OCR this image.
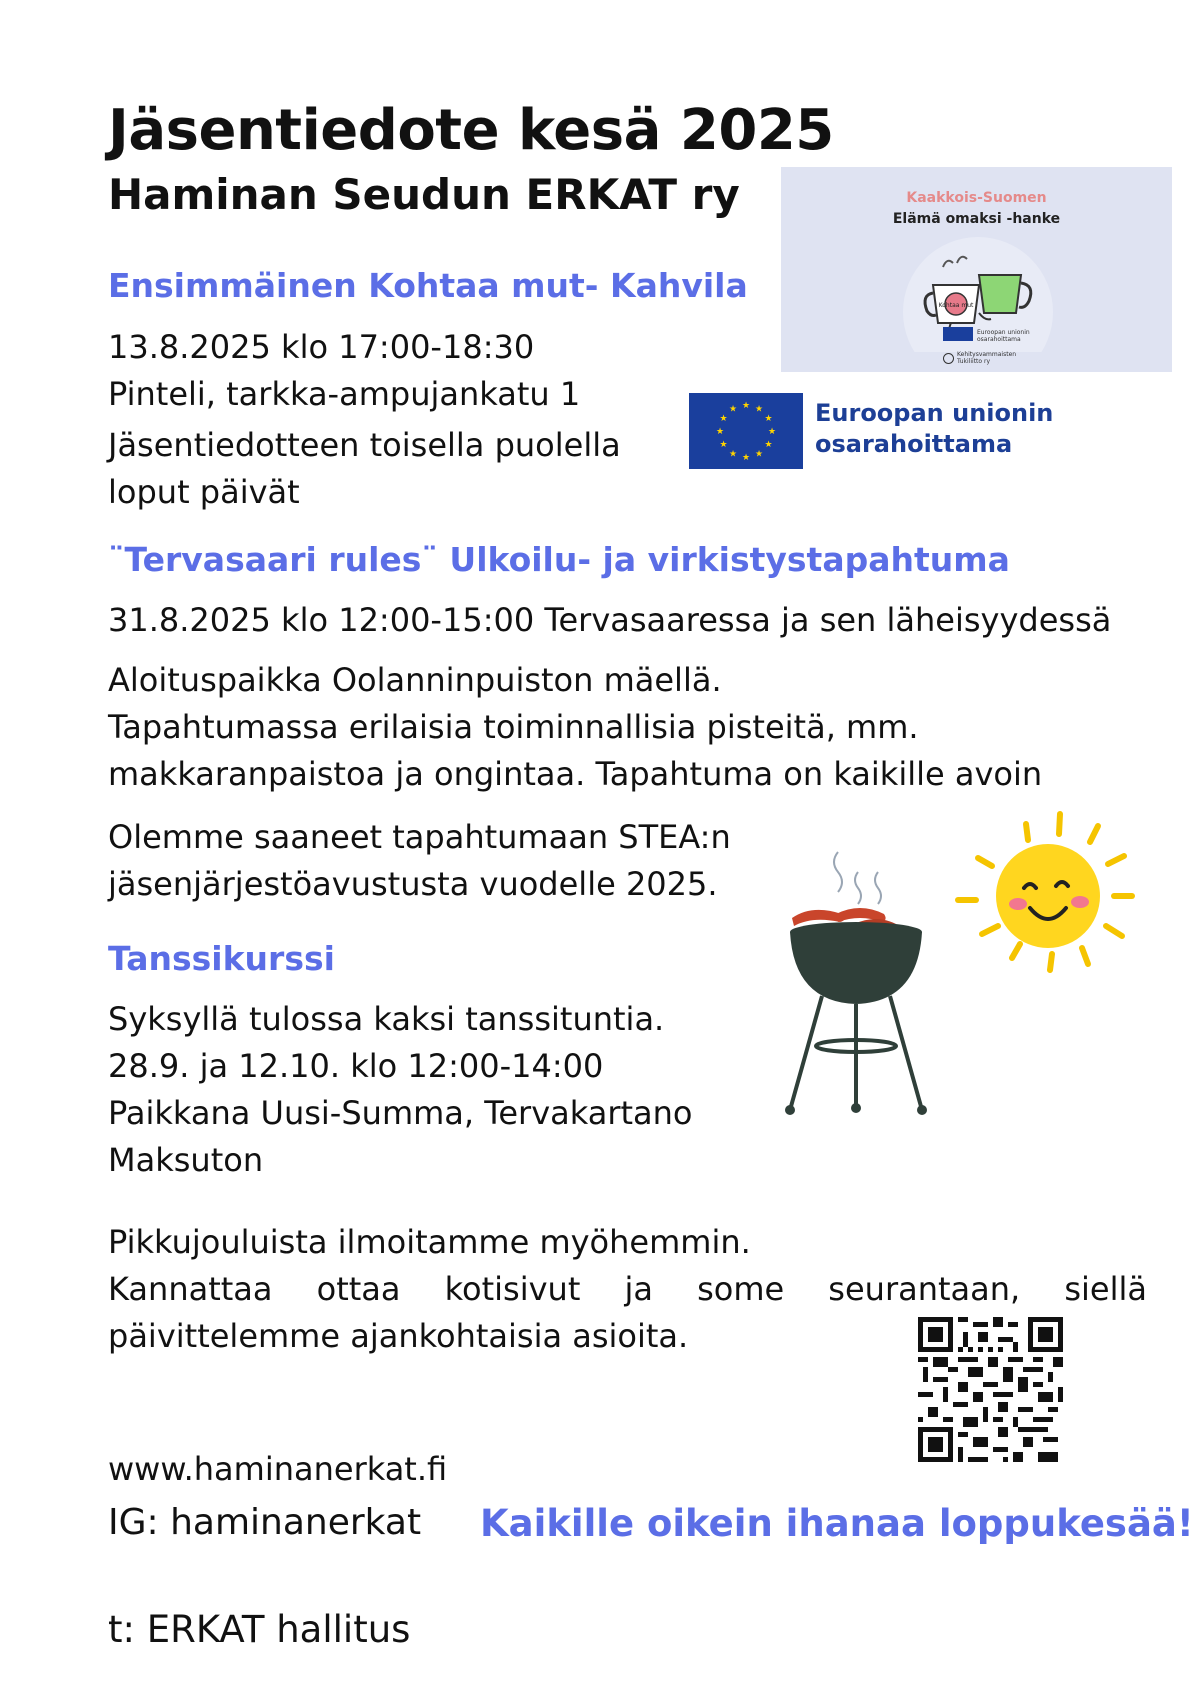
Jäsentiedote kesä 2025
Haminan Seudun ERKAT ry	Kaakkois-Suomen
Elämä omaksi -hanke
Kohtaa mut
Euroopan unionin osarahoittama
Kehitysvammaisten Tukiliitto ry
★ ★
★
★
★
★
★
★
★
★
★
★	Euroopan unionin
osarahoittama
Ensimmäinen Kohtaa mut- Kahvila
13.8.2025 klo 17:00-18:30
Pinteli, tarkka-ampujankatu 1
Jäsentiedotteen toisella puolella
loput päivät
¨Tervasaari rules¨ Ulkoilu- ja virkistystapahtuma
31.8.2025 klo 12:00-15:00 Tervasaaressa ja sen läheisyydessä
Aloituspaikka Oolanninpuiston mäellä.
Tapahtumassa erilaisia toiminnallisia pisteitä, mm.
makkaranpaistoa ja ongintaa. Tapahtuma on kaikille avoin
Olemme saaneet tapahtumaan STEA:n
jäsenjärjestöavustusta vuodelle 2025.
Tanssikurssi
Syksyllä tulossa kaksi tanssituntia.
28.9. ja 12.10. klo 12:00-14:00
Paikkana Uusi-Summa, Tervakartano
Maksuton
Pikkujouluista ilmoitamme myöhemmin.
Kannattaa ottaa kotisivut ja some seurantaan, siellä
päivittelemme ajankohtaisia asioita.
www.haminanerkat.fi
IG: haminanerkat Kaikille oikein ihanaa loppukesää!
t: ERKAT hallitus
